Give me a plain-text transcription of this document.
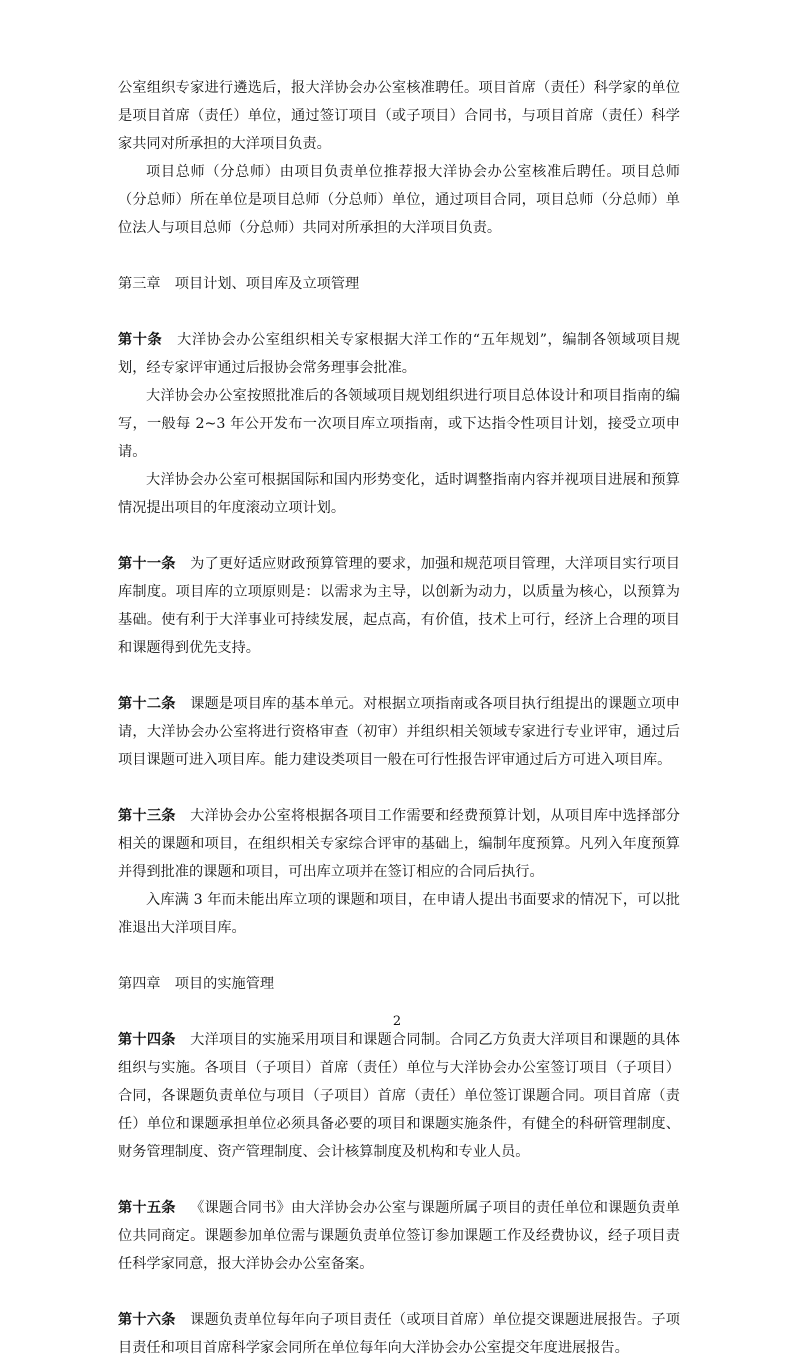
公室组织专家进行遴选后，报大洋协会办公室核准聘任。项目首席（责任）科学家的单位是项目首席（责任）单位，通过签订项目（或子项目）合同书，与项目首席（责任）科学家共同对所承担的大洋项目负责。

项目总师（分总师）由项目负责单位推荐报大洋协会办公室核准后聘任。项目总师（分总师）所在单位是项目总师（分总师）单位，通过项目合同，项目总师（分总师）单位法人与项目总师（分总师）共同对所承担的大洋项目负责。

第三章　项目计划、项目库及立项管理

第十条  大洋协会办公室组织相关专家根据大洋工作的“五年规划”，编制各领域项目规划，经专家评审通过后报协会常务理事会批准。

大洋协会办公室按照批准后的各领域项目规划组织进行项目总体设计和项目指南的编写，一般每 2~3 年公开发布一次项目库立项指南，或下达指令性项目计划，接受立项申请。

大洋协会办公室可根据国际和国内形势变化，适时调整指南内容并视项目进展和预算情况提出项目的年度滚动立项计划。

第十一条  为了更好适应财政预算管理的要求，加强和规范项目管理，大洋项目实行项目库制度。项目库的立项原则是：以需求为主导，以创新为动力，以质量为核心，以预算为基础。使有利于大洋事业可持续发展，起点高，有价值，技术上可行，经济上合理的项目和课题得到优先支持。

第十二条  课题是项目库的基本单元。对根据立项指南或各项目执行组提出的课题立项申请，大洋协会办公室将进行资格审查（初审）并组织相关领域专家进行专业评审，通过后项目课题可进入项目库。能力建设类项目一般在可行性报告评审通过后方可进入项目库。

第十三条  大洋协会办公室将根据各项目工作需要和经费预算计划，从项目库中选择部分相关的课题和项目，在组织相关专家综合评审的基础上，编制年度预算。凡列入年度预算并得到批准的课题和项目，可出库立项并在签订相应的合同后执行。

入库满 3 年而未能出库立项的课题和项目，在申请人提出书面要求的情况下，可以批准退出大洋项目库。

第四章　项目的实施管理

第十四条  大洋项目的实施采用项目和课题合同制。合同乙方负责大洋项目和课题的具体组织与实施。各项目（子项目）首席（责任）单位与大洋协会办公室签订项目（子项目）合同，各课题负责单位与项目（子项目）首席（责任）单位签订课题合同。项目首席（责任）单位和课题承担单位必须具备必要的项目和课题实施条件，有健全的科研管理制度、财务管理制度、资产管理制度、会计核算制度及机构和专业人员。

第十五条  《课题合同书》由大洋协会办公室与课题所属子项目的责任单位和课题负责单位共同商定。课题参加单位需与课题负责单位签订参加课题工作及经费协议，经子项目责任科学家同意，报大洋协会办公室备案。

第十六条  课题负责单位每年向子项目责任（或项目首席）单位提交课题进展报告。子项目责任和项目首席科学家会同所在单位每年向大洋协会办公室提交年度进展报告。

2
